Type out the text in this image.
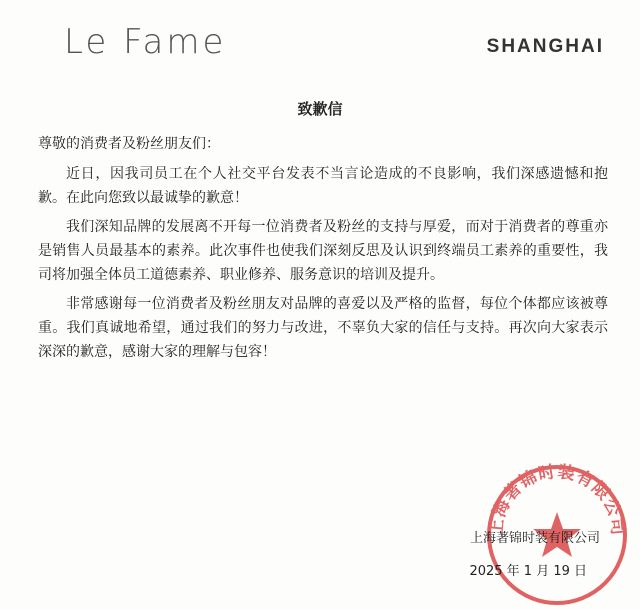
Le Fame	SHANGHAI
致歉信

尊敬的消费者及粉丝朋友们：

近日，因我司员工在个人社交平台发表不当言论造成的不良影响，我们深感遗憾和抱歉。在此向您致以最诚挚的歉意！

我们深知品牌的发展离不开每一位消费者及粉丝的支持与厚爱，而对于消费者的尊重亦是销售人员最基本的素养。此次事件也使我们深刻反思及认识到终端员工素养的重要性，我司将加强全体员工道德素养、职业修养、服务意识的培训及提升。

非常感谢每一位消费者及粉丝朋友对品牌的喜爱以及严格的监督，每位个体都应该被尊重。我们真诚地希望，通过我们的努力与改进，不辜负大家的信任与支持。再次向大家表示深深的歉意，感谢大家的理解与包容！

上海著锦时装有限公司
上海著锦时装有限公司
2025 年 1 月 19 日
